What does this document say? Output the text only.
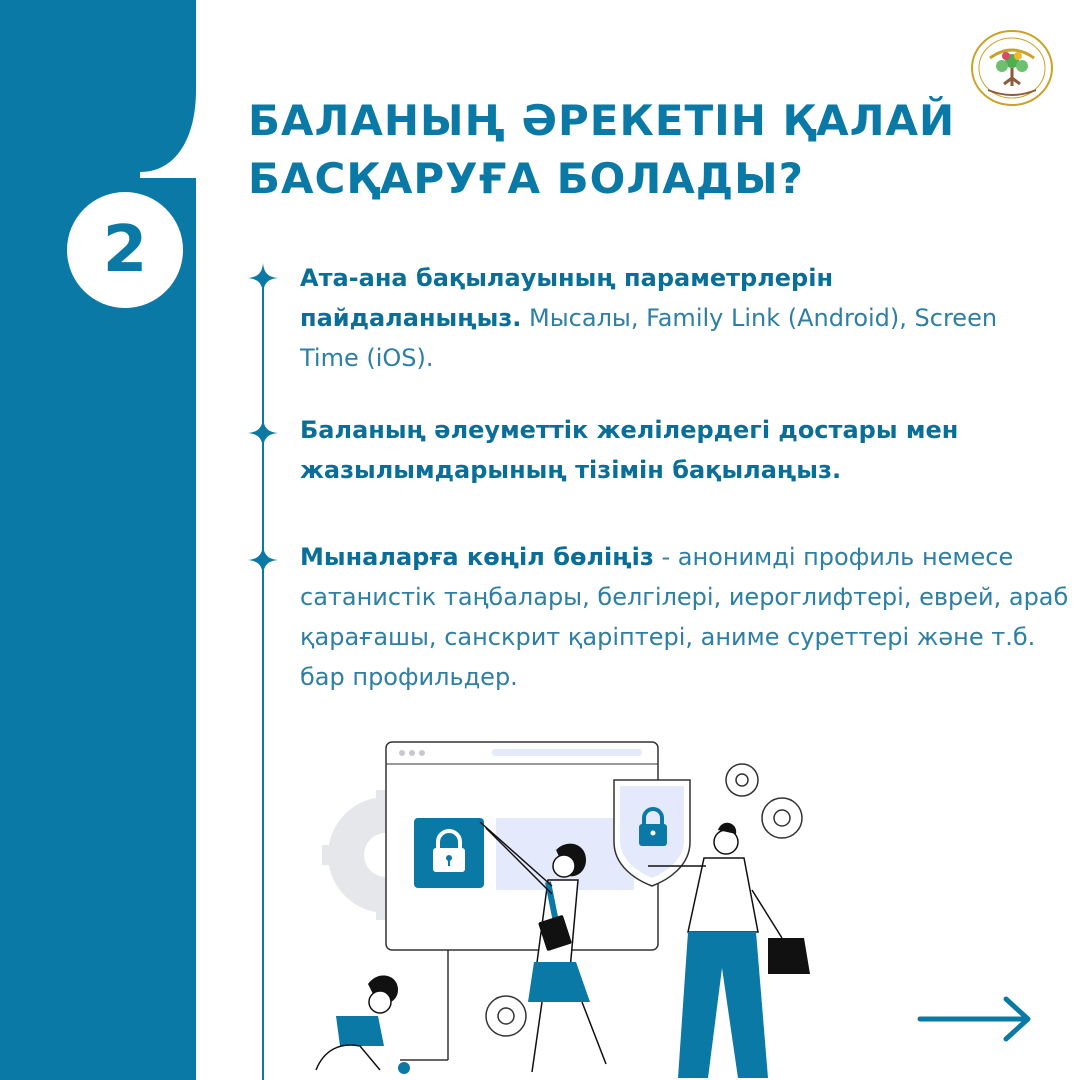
2
БАЛАНЫҢ ӘРЕКЕТІН ҚАЛАЙ
БАСҚАРУҒА БОЛАДЫ?
Ата-ана бақылауының параметрлерін пайдаланыңыз. Мысалы, Family Link (Android), Screen Time (iOS).
Баланың әлеуметтік желілердегі достары мен жазылымдарының тізімін бақылаңыз.
Мыналарға көңіл бөліңіз - анонимді профиль немесе сатанистік таңбалары, белгілері, иероглифтері, еврей, араб қарағашы, санскрит қаріптері, аниме суреттері және т.б. бар профильдер.
